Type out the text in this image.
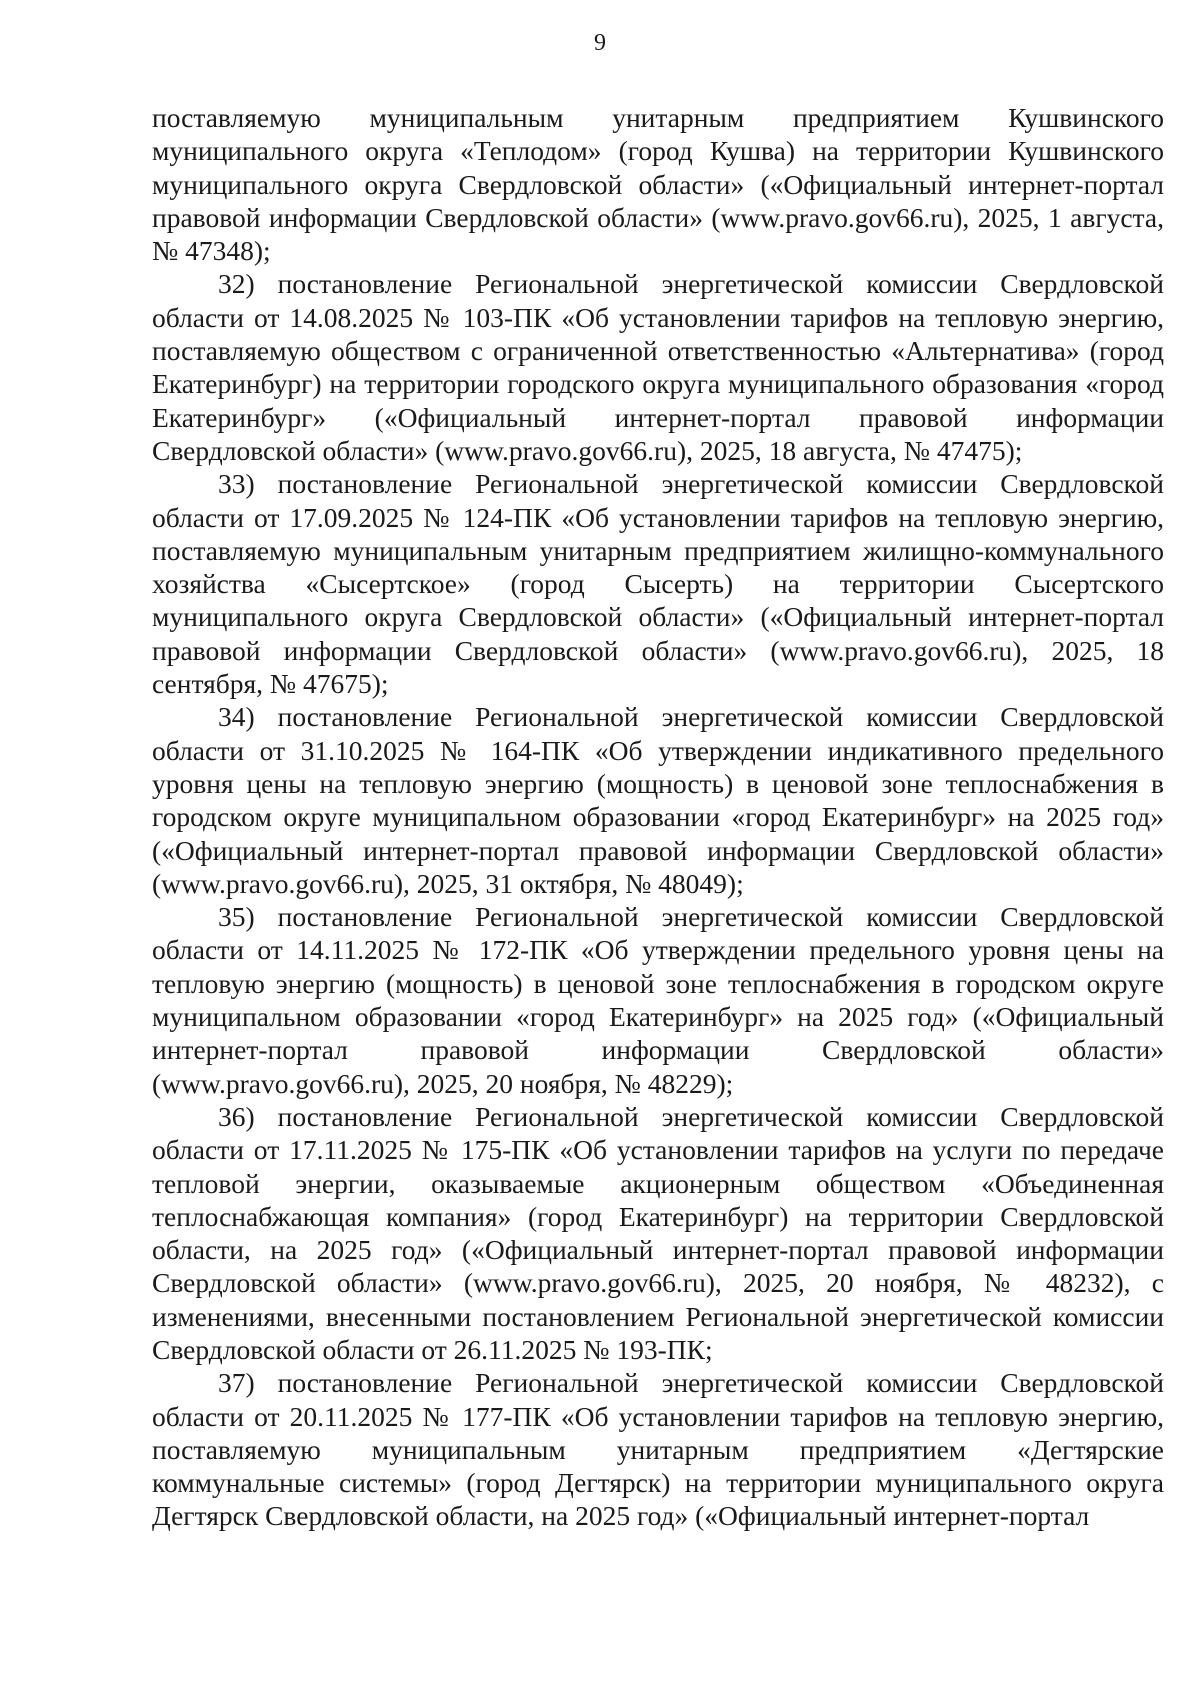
9

поставляемую муниципальным унитарным предприятием Кушвинского муниципального округа «Теплодом» (город Кушва) на территории Кушвинского муниципального округа Свердловской области» («Официальный интернет-портал правовой информации Свердловской области» (www.pravo.gov66.ru), 2025, 1 августа, № 47348);

32) постановление Региональной энергетической комиссии Свердловской области от 14.08.2025 № 103-ПК «Об установлении тарифов на тепловую энергию, поставляемую обществом с ограниченной ответственностью «Альтернатива» (город Екатеринбург) на территории городского округа муниципального образования «город Екатеринбург» («Официальный интернет-портал правовой информации Свердловской области» (www.pravo.gov66.ru), 2025, 18 августа, № 47475);

33) постановление Региональной энергетической комиссии Свердловской области от 17.09.2025 № 124-ПК «Об установлении тарифов на тепловую энергию, поставляемую муниципальным унитарным предприятием жилищно-коммунального хозяйства «Сысертское» (город Сысерть) на территории Сысертского муниципального округа Свердловской области» («Официальный интернет-портал правовой информации Свердловской области» (www.pravo.gov66.ru), 2025, 18 сентября, № 47675);

34) постановление Региональной энергетической комиссии Свердловской области от 31.10.2025 № 164-ПК «Об утверждении индикативного предельного уровня цены на тепловую энергию (мощность) в ценовой зоне теплоснабжения в городском округе муниципальном образовании «город Екатеринбург» на 2025 год» («Официальный интернет-портал правовой информации Свердловской области» (www.pravo.gov66.ru), 2025, 31 октября, № 48049);

35) постановление Региональной энергетической комиссии Свердловской области от 14.11.2025 № 172-ПК «Об утверждении предельного уровня цены на тепловую энергию (мощность) в ценовой зоне теплоснабжения в городском округе муниципальном образовании «город Екатеринбург» на 2025 год» («Официальный интернет-портал правовой информации Свердловской области» (www.pravo.gov66.ru), 2025, 20 ноября, № 48229);

36) постановление Региональной энергетической комиссии Свердловской области от 17.11.2025 № 175-ПК «Об установлении тарифов на услуги по передаче тепловой энергии, оказываемые акционерным обществом «Объединенная теплоснабжающая компания» (город Екатеринбург) на территории Свердловской области, на 2025 год» («Официальный интернет-портал правовой информации Свердловской области» (www.pravo.gov66.ru), 2025, 20 ноября, № 48232), с изменениями, внесенными постановлением Региональной энергетической комиссии Свердловской области от 26.11.2025 № 193-ПК;

37) постановление Региональной энергетической комиссии Свердловской области от 20.11.2025 № 177-ПК «Об установлении тарифов на тепловую энергию, поставляемую муниципальным унитарным предприятием «Дегтярские коммунальные системы» (город Дегтярск) на территории муниципального округа Дегтярск Свердловской области, на 2025 год» («Официальный интернет-портал
